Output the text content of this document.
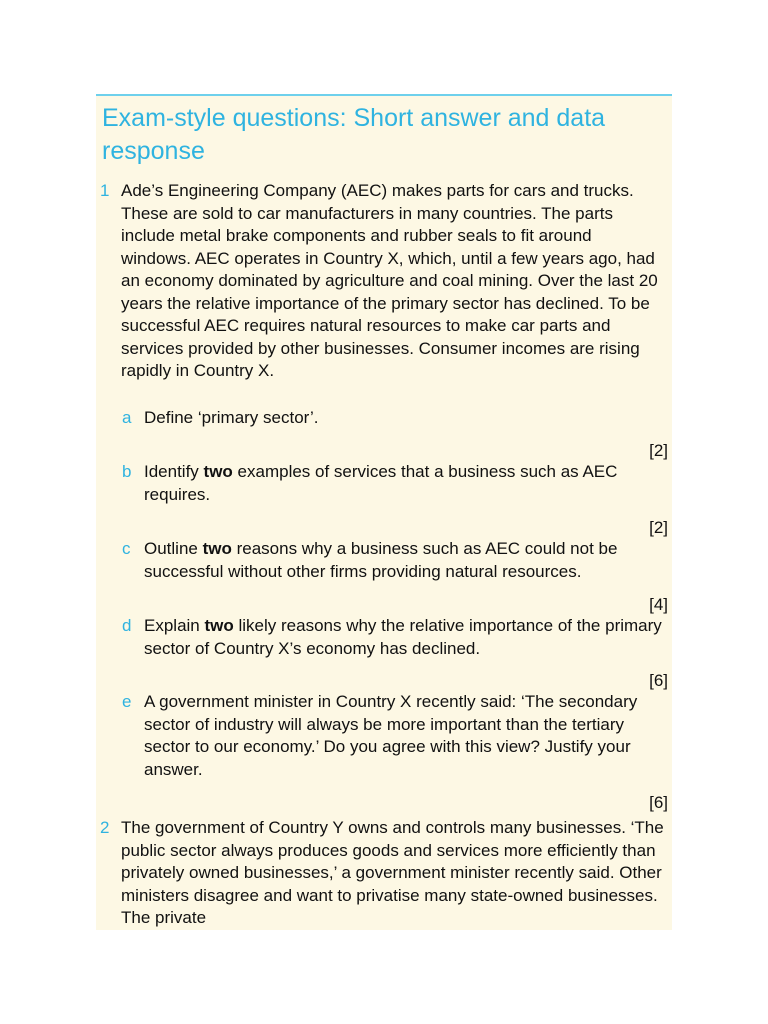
Exam-style questions: Short answer and data response
1 Ade’s Engineering Company (AEC) makes parts for cars and trucks. These are sold to car manufacturers in many countries. The parts include metal brake components and rubber seals to fit around windows. AEC operates in Country X, which, until a few years ago, had an economy dominated by agriculture and coal mining. Over the last 20 years the relative importance of the primary sector has declined. To be successful AEC requires natural resources to make car parts and services provided by other businesses. Consumer incomes are rising rapidly in Country X.

a Define ‘primary sector’.
[2]
b Identify two examples of services that a business such as AEC requires.
[2]
c Outline two reasons why a business such as AEC could not be successful without other firms providing natural resources.
[4]
d Explain two likely reasons why the relative importance of the primary sector of Country X’s economy has declined.
[6]
e A government minister in Country X recently said: ‘The secondary sector of industry will always be more important than the tertiary sector to our economy.’ Do you agree with this view? Justify your answer.
[6]
2 The government of Country Y owns and controls many businesses. ‘The public sector always produces goods and services more efficiently than privately owned businesses,’ a government minister recently said. Other ministers disagree and want to privatise many state-owned businesses. The private
